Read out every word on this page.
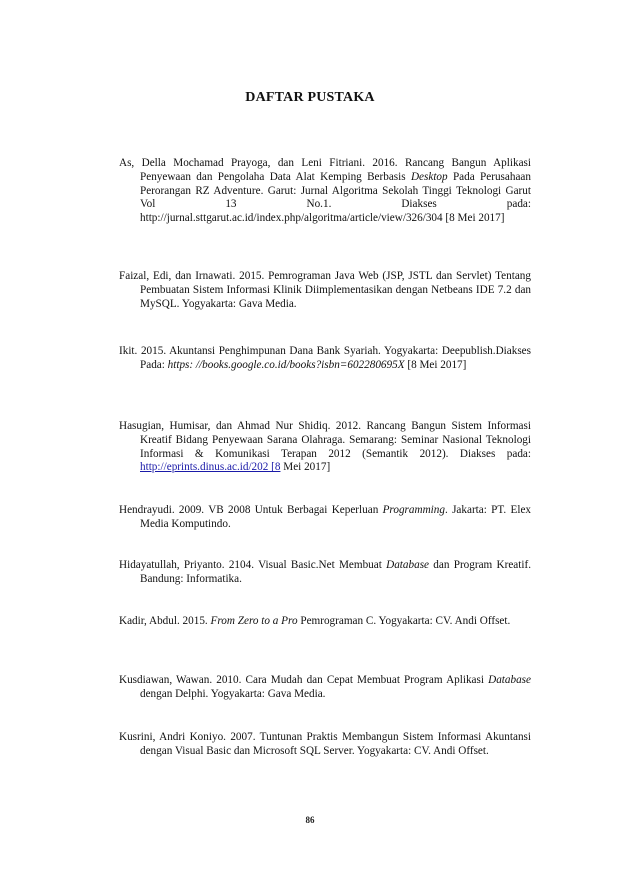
DAFTAR PUSTAKA
As, Della Mochamad Prayoga, dan Leni Fitriani. 2016. Rancang Bangun Aplikasi Penyewaan dan Pengolaha Data Alat Kemping Berbasis Desktop Pada Perusahaan Perorangan RZ Adventure. Garut: Jurnal Algoritma Sekolah Tinggi Teknologi Garut Vol 13 No.1. Diakses pada: http://jurnal.sttgarut.ac.id/index.php/algoritma/article/view/326/304 [8 Mei 2017]
Faizal, Edi, dan Irnawati. 2015. Pemrograman Java Web (JSP, JSTL dan Servlet) Tentang Pembuatan Sistem Informasi Klinik Diimplementasikan dengan Netbeans IDE 7.2 dan MySQL. Yogyakarta: Gava Media.
Ikit. 2015. Akuntansi Penghimpunan Dana Bank Syariah. Yogyakarta: Deepublish.Diakses Pada: https: //books.google.co.id/books?isbn=602280695X [8 Mei 2017]
Hasugian, Humisar, dan Ahmad Nur Shidiq. 2012. Rancang Bangun Sistem Informasi Kreatif Bidang Penyewaan Sarana Olahraga. Semarang: Seminar Nasional Teknologi Informasi & Komunikasi Terapan 2012 (Semantik 2012). Diakses pada: http://eprints.dinus.ac.id/202 [8 Mei 2017]
Hendrayudi. 2009. VB 2008 Untuk Berbagai Keperluan Programming. Jakarta: PT. Elex Media Komputindo.
Hidayatullah, Priyanto. 2104. Visual Basic.Net Membuat Database dan Program Kreatif. Bandung: Informatika.
Kadir, Abdul. 2015. From Zero to a Pro Pemrograman C. Yogyakarta: CV. Andi Offset.
Kusdiawan, Wawan. 2010. Cara Mudah dan Cepat Membuat Program Aplikasi Database dengan Delphi. Yogyakarta: Gava Media.
Kusrini, Andri Koniyo. 2007. Tuntunan Praktis Membangun Sistem Informasi Akuntansi dengan Visual Basic dan Microsoft SQL Server. Yogyakarta: CV. Andi Offset.
86
